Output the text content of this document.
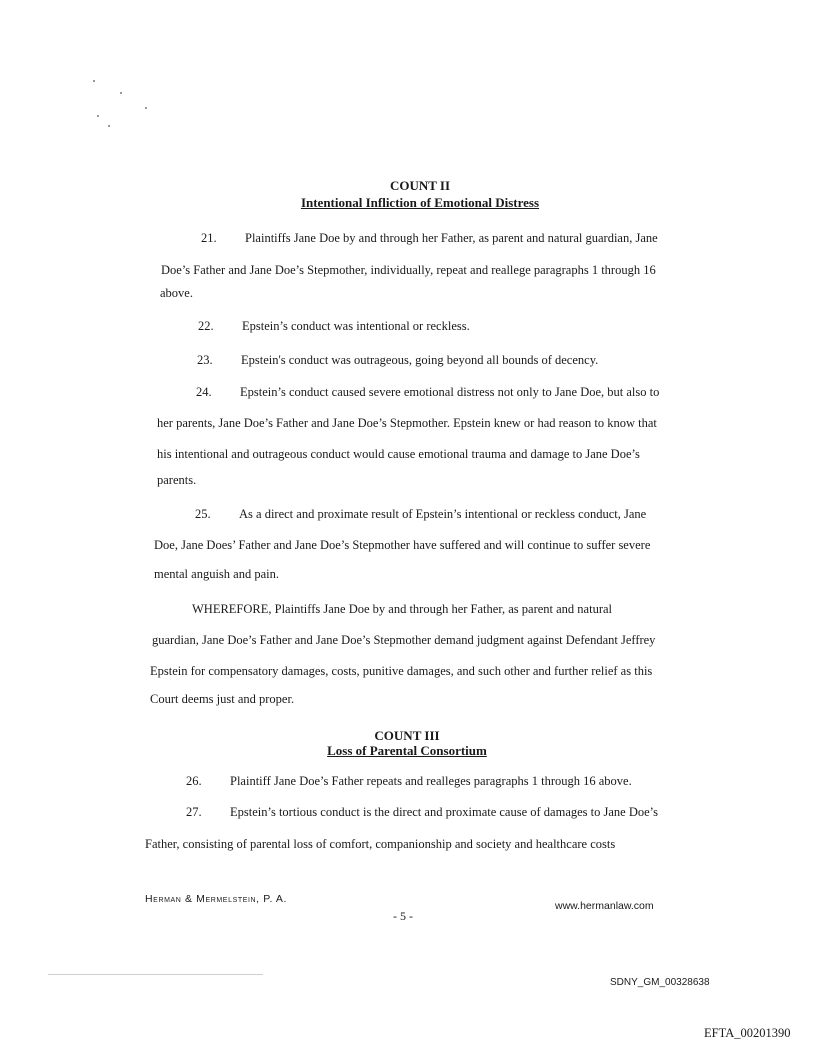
COUNT II
Intentional Infliction of Emotional Distress
21. Plaintiffs Jane Doe by and through her Father, as parent and natural guardian, Jane
Doe’s Father and Jane Doe’s Stepmother, individually, repeat and reallege paragraphs 1 through 16
above.
22. Epstein’s conduct was intentional or reckless.
23. Epstein's conduct was outrageous, going beyond all bounds of decency.
24. Epstein’s conduct caused severe emotional distress not only to Jane Doe, but also to
her parents, Jane Doe’s Father and Jane Doe’s Stepmother. Epstein knew or had reason to know that
his intentional and outrageous conduct would cause emotional trauma and damage to Jane Doe’s
parents.
25. As a direct and proximate result of Epstein’s intentional or reckless conduct, Jane
Doe, Jane Does’ Father and Jane Doe’s Stepmother have suffered and will continue to suffer severe
mental anguish and pain.
WHEREFORE, Plaintiffs Jane Doe by and through her Father, as parent and natural
guardian, Jane Doe’s Father and Jane Doe’s Stepmother demand judgment against Defendant Jeffrey
Epstein for compensatory damages, costs, punitive damages, and such other and further relief as this
Court deems just and proper.
COUNT III
Loss of Parental Consortium
26. Plaintiff Jane Doe’s Father repeats and realleges paragraphs 1 through 16 above.
27. Epstein’s tortious conduct is the direct and proximate cause of damages to Jane Doe’s
Father, consisting of parental loss of comfort, companionship and society and healthcare costs
Herman & Mermelstein, P. A.
- 5 -
www.hermanlaw.com
SDNY_GM_00328638
EFTA_00201390
